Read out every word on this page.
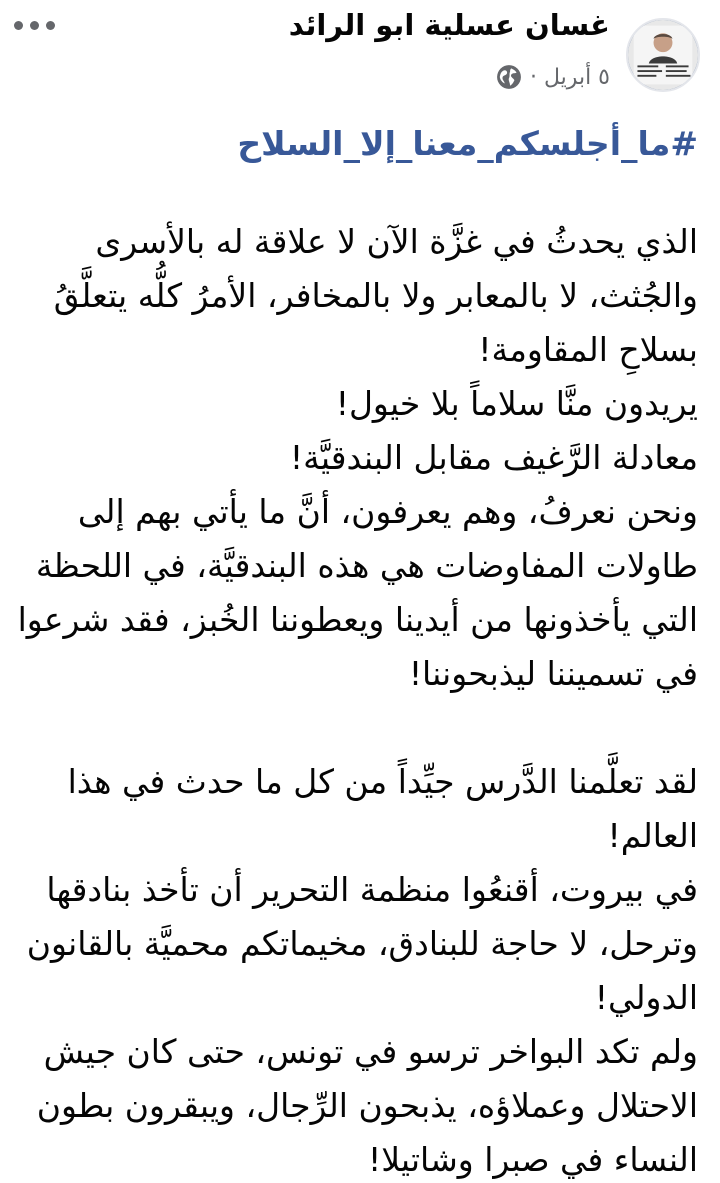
غسان عسلية ابو الرائد
٥ أبريل ·
#ما_أجلسكم_معنا_إلا_السلاح
الذي يحدثُ في غزَّة الآن لا علاقة له بالأسرى
والجُثث، لا بالمعابر ولا بالمخافر، الأمرُ كلُّه يتعلَّقُ
بسلاحِ المقاومة!
يريدون منَّا سلاماً بلا خيول!
معادلة الرَّغيف مقابل البندقيَّة!
ونحن نعرفُ، وهم يعرفون، أنَّ ما يأتي بهم إلى
طاولات المفاوضات هي هذه البندقيَّة، في اللحظة
التي يأخذونها من أيدينا ويعطوننا الخُبز، فقد شرعوا
في تسميننا ليذبحوننا!
لقد تعلَّمنا الدَّرس جيِّداً من كل ما حدث في هذا
العالم!
في بيروت، أقنعُوا منظمة التحرير أن تأخذ بنادقها
وترحل، لا حاجة للبنادق، مخيماتكم محميَّة بالقانون
الدولي!
ولم تكد البواخر ترسو في تونس، حتى كان جيش
الاحتلال وعملاؤه، يذبحون الرِّجال، ويبقرون بطون
النساء في صبرا وشاتيلا!
